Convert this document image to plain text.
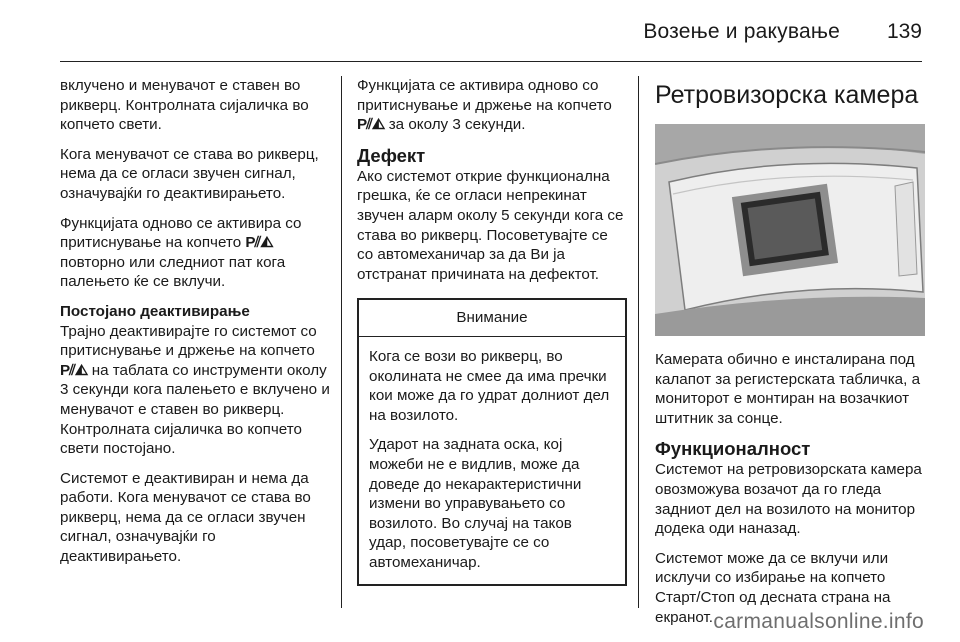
Возење и ракување 139

вклучено и менувачот е ставен во рикверц. Контролната сијаличка во копчето свети.

Кога менувачот се става во рикверц, нема да се огласи звучен сигнал, означувајќи го деактивирањето.

Функцијата одново се активира со притиснување на копчето P⫽◭ повторно или следниот пат кога палењето ќе се вклучи.

Постојано деактивирање

Трајно деактивирајте го системот со притиснување и држење на копчето P⫽◭ на таблата со инструменти околу 3 секунди кога палењето е вклучено и менувачот е ставен во рикверц. Контролната сијаличка во копчето свети постојано.

Системот е деактивиран и нема да работи. Кога менувачот се става во рикверц, нема да се огласи звучен сигнал, означувајќи го деактивирањето.

Функцијата се активира одново со притиснување и држење на копчето P⫽◭ за околу 3 секунди.

Дефект

Ако системот открие функционална грешка, ќе се огласи непрекинат звучен аларм околу 5 секунди кога се става во рикверц. Посоветувајте се со автомеханичар за да Ви ја отстранат причината на дефектот.

Внимание

Кога се вози во рикверц, во околината не смее да има пречки кои може да го удрат долниот дел на возилото.

Ударот на задната оска, кој можеби не е видлив, може да доведе до некарактеристични измени во управувањето со возилото. Во случај на таков удар, посоветувајте се со автомеханичар.

Ретровизорска камера

Камерата обично е инсталирана под калапот за регистерската табличка, а мониторот е монтиран на возачкиот штитник за сонце.

Функционалност

Системот на ретровизорската камера овозможува возачот да го гледа задниот дел на возилото на монитор додека оди наназад.

Системот може да се вклучи или исклучи со избирање на копчето Старт/Стоп од десната страна на екранот. carmanualsonline.info
